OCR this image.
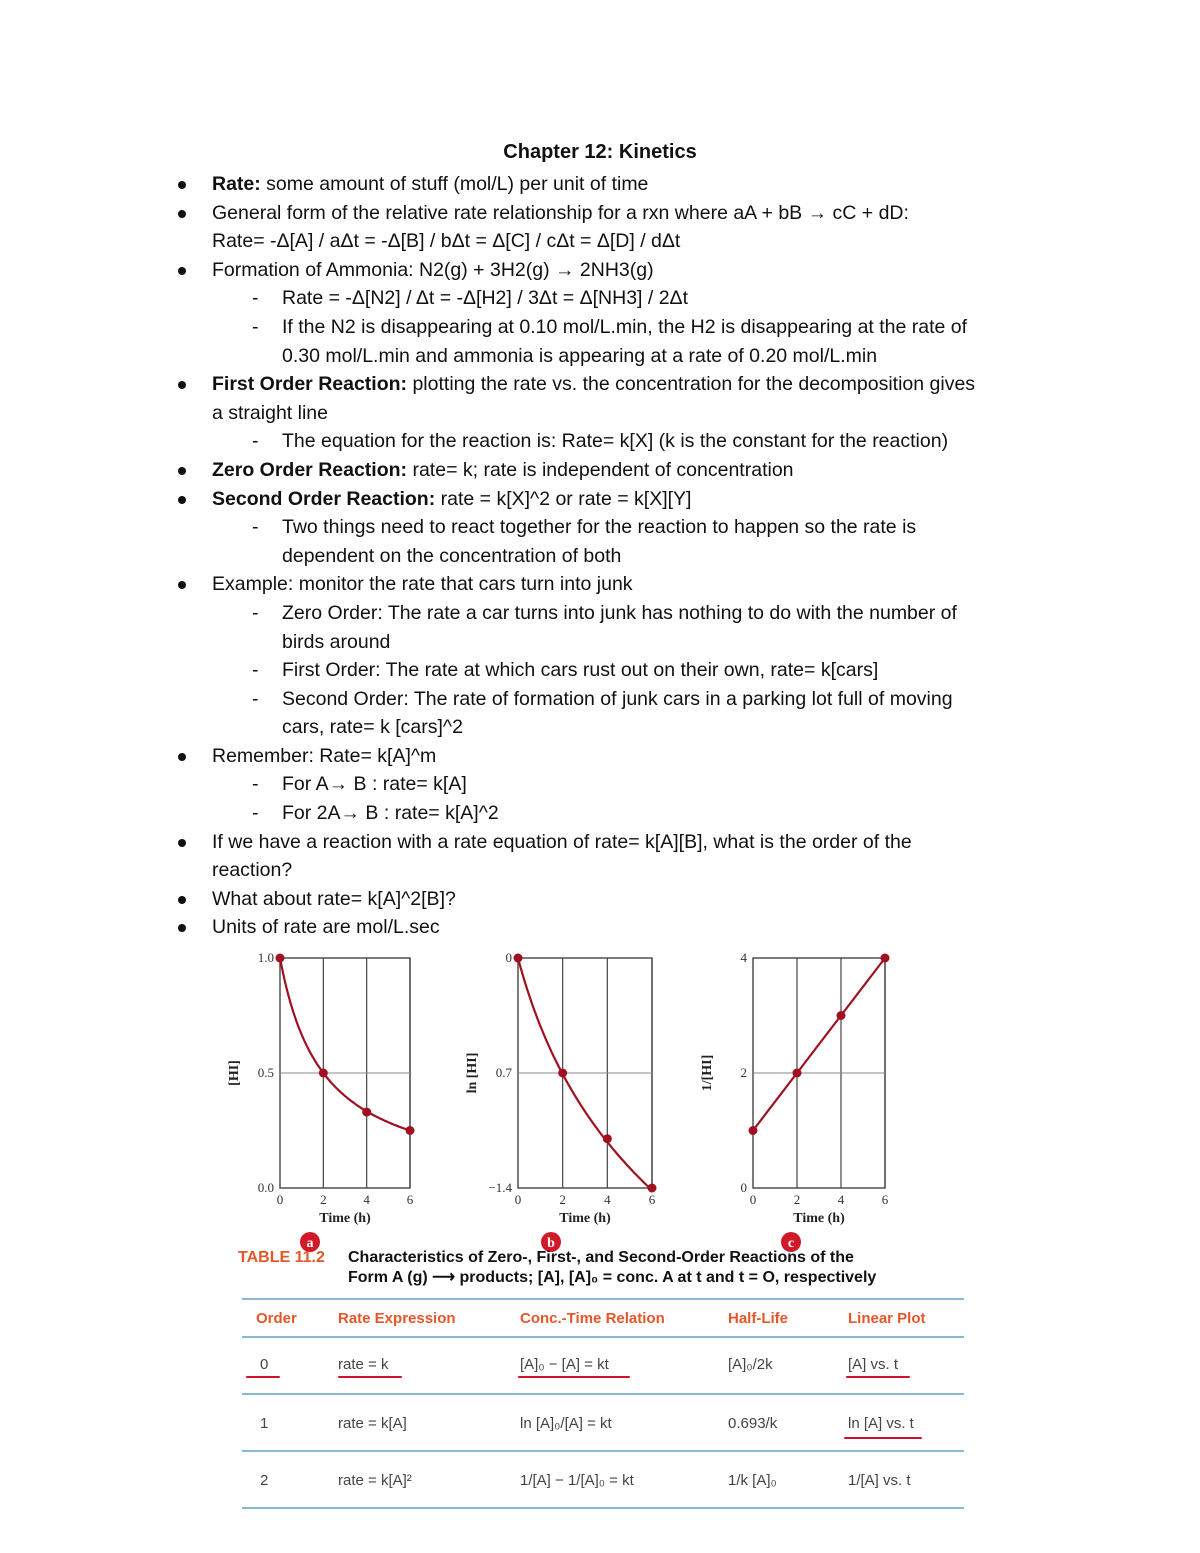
Chapter 12: Kinetics
Rate: some amount of stuff (mol/L) per unit of time
General form of the relative rate relationship for a rxn where aA + bB → cC + dD:
Rate= -Δ[A] / aΔt = -Δ[B] / bΔt = Δ[C] / cΔt = Δ[D] / dΔt
Formation of Ammonia: N2(g) + 3H2(g) → 2NH3(g)
- Rate = -Δ[N2] / Δt = -Δ[H2] / 3Δt = Δ[NH3] / 2Δt
- If the N2 is disappearing at 0.10 mol/L.min, the H2 is disappearing at the rate of
0.30 mol/L.min and ammonia is appearing at a rate of 0.20 mol/L.min
First Order Reaction: plotting the rate vs. the concentration for the decomposition gives
a straight line
- The equation for the reaction is: Rate= k[X] (k is the constant for the reaction)
Zero Order Reaction: rate= k; rate is independent of concentration
Second Order Reaction: rate = k[X]^2 or rate = k[X][Y]
- Two things need to react together for the reaction to happen so the rate is
dependent on the concentration of both
Example: monitor the rate that cars turn into junk
- Zero Order: The rate a car turns into junk has nothing to do with the number of
birds around
- First Order: The rate at which cars rust out on their own, rate= k[cars]
- Second Order: The rate of formation of junk cars in a parking lot full of moving
cars, rate= k [cars]^2
Remember: Rate= k[A]^m
- For A→ B : rate= k[A]
- For 2A→ B : rate= k[A]^2
If we have a reaction with a rate equation of rate= k[A][B], what is the order of the
reaction?
What about rate= k[A]^2[B]?
Units of rate are mol/L.sec
0	2	4	6
0.0
0.5
1.0
Time (h)
[HI]
a
0	2	4	6
−1.4
0.7
0
Time (h)
ln [HI]
b
0	2	4	6
0
2
4
Time (h)
1/[HI]
c
TABLE 11.2 Characteristics of Zero-, First-, and Second-Order Reactions of the
Form A (g) ⟶ products; [A], [A]₀ = conc. A at t and t = O, respectively
Order	Rate Expression	Conc.-Time Relation	Half-Life	Linear Plot
0	rate = k	[A]₀ − [A] = kt	[A]₀/2k	[A] vs. t
1	rate = k[A]	ln [A]₀/[A] = kt	0.693/k	ln [A] vs. t
2	rate = k[A]²	1/[A] − 1/[A]₀ = kt	1/k [A]₀	1/[A] vs. t
